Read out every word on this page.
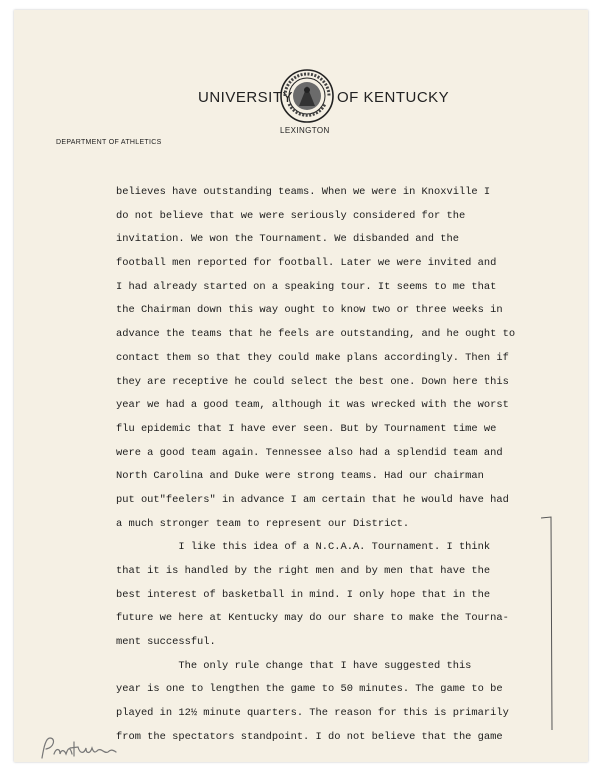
UNIVERSITY	OF KENTUCKY
LEXINGTON
DEPARTMENT OF ATHLETICS
believes have outstanding teams. When we were in Knoxville I
do not believe that we were seriously considered for the
invitation. We won the Tournament. We disbanded and the
football men reported for football. Later we were invited and
I had already started on a speaking tour. It seems to me that
the Chairman down this way ought to know two or three weeks in
advance the teams that he feels are outstanding, and he ought to
contact them so that they could make plans accordingly. Then if
they are receptive he could select the best one. Down here this
year we had a good team, although it was wrecked with the worst
flu epidemic that I have ever seen. But by Tournament time we
were a good team again. Tennessee also had a splendid team and
North Carolina and Duke were strong teams. Had our chairman
put out"feelers" in advance I am certain that he would have had
a much stronger team to represent our District.
I like this idea of a N.C.A.A. Tournament. I think
that it is handled by the right men and by men that have the
best interest of basketball in mind. I only hope that in the
future we here at Kentucky may do our share to make the Tourna-
ment successful.
The only rule change that I have suggested this
year is one to lengthen the game to 50 minutes. The game to be
played in 12½ minute quarters. The reason for this is primarily
from the spectators standpoint. I do not believe that the game
